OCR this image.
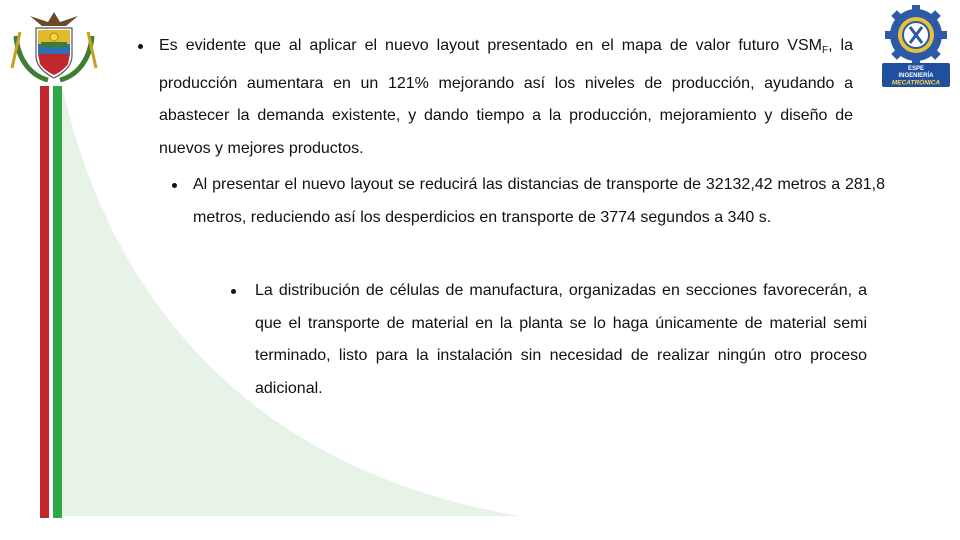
ESPE
INGENIERÍA
MECATRÓNICA

Es evidente que al aplicar el nuevo layout presentado en el mapa de valor futuro $VSM_F$, la producción aumentara en un 121% mejorando así los niveles de producción, ayudando a abastecer la demanda existente, y dando tiempo a la producción, mejoramiento y diseño de nuevos y mejores productos.

Al presentar el nuevo layout se reducirá las distancias de transporte de 32132,42 metros a 281,8 metros, reduciendo así los desperdicios en transporte de 3774 segundos a 340 s.

La distribución de células de manufactura, organizadas en secciones favorecerán, a que el transporte de material en la planta se lo haga únicamente de material semi terminado, listo para la instalación sin necesidad de realizar ningún otro proceso adicional.
